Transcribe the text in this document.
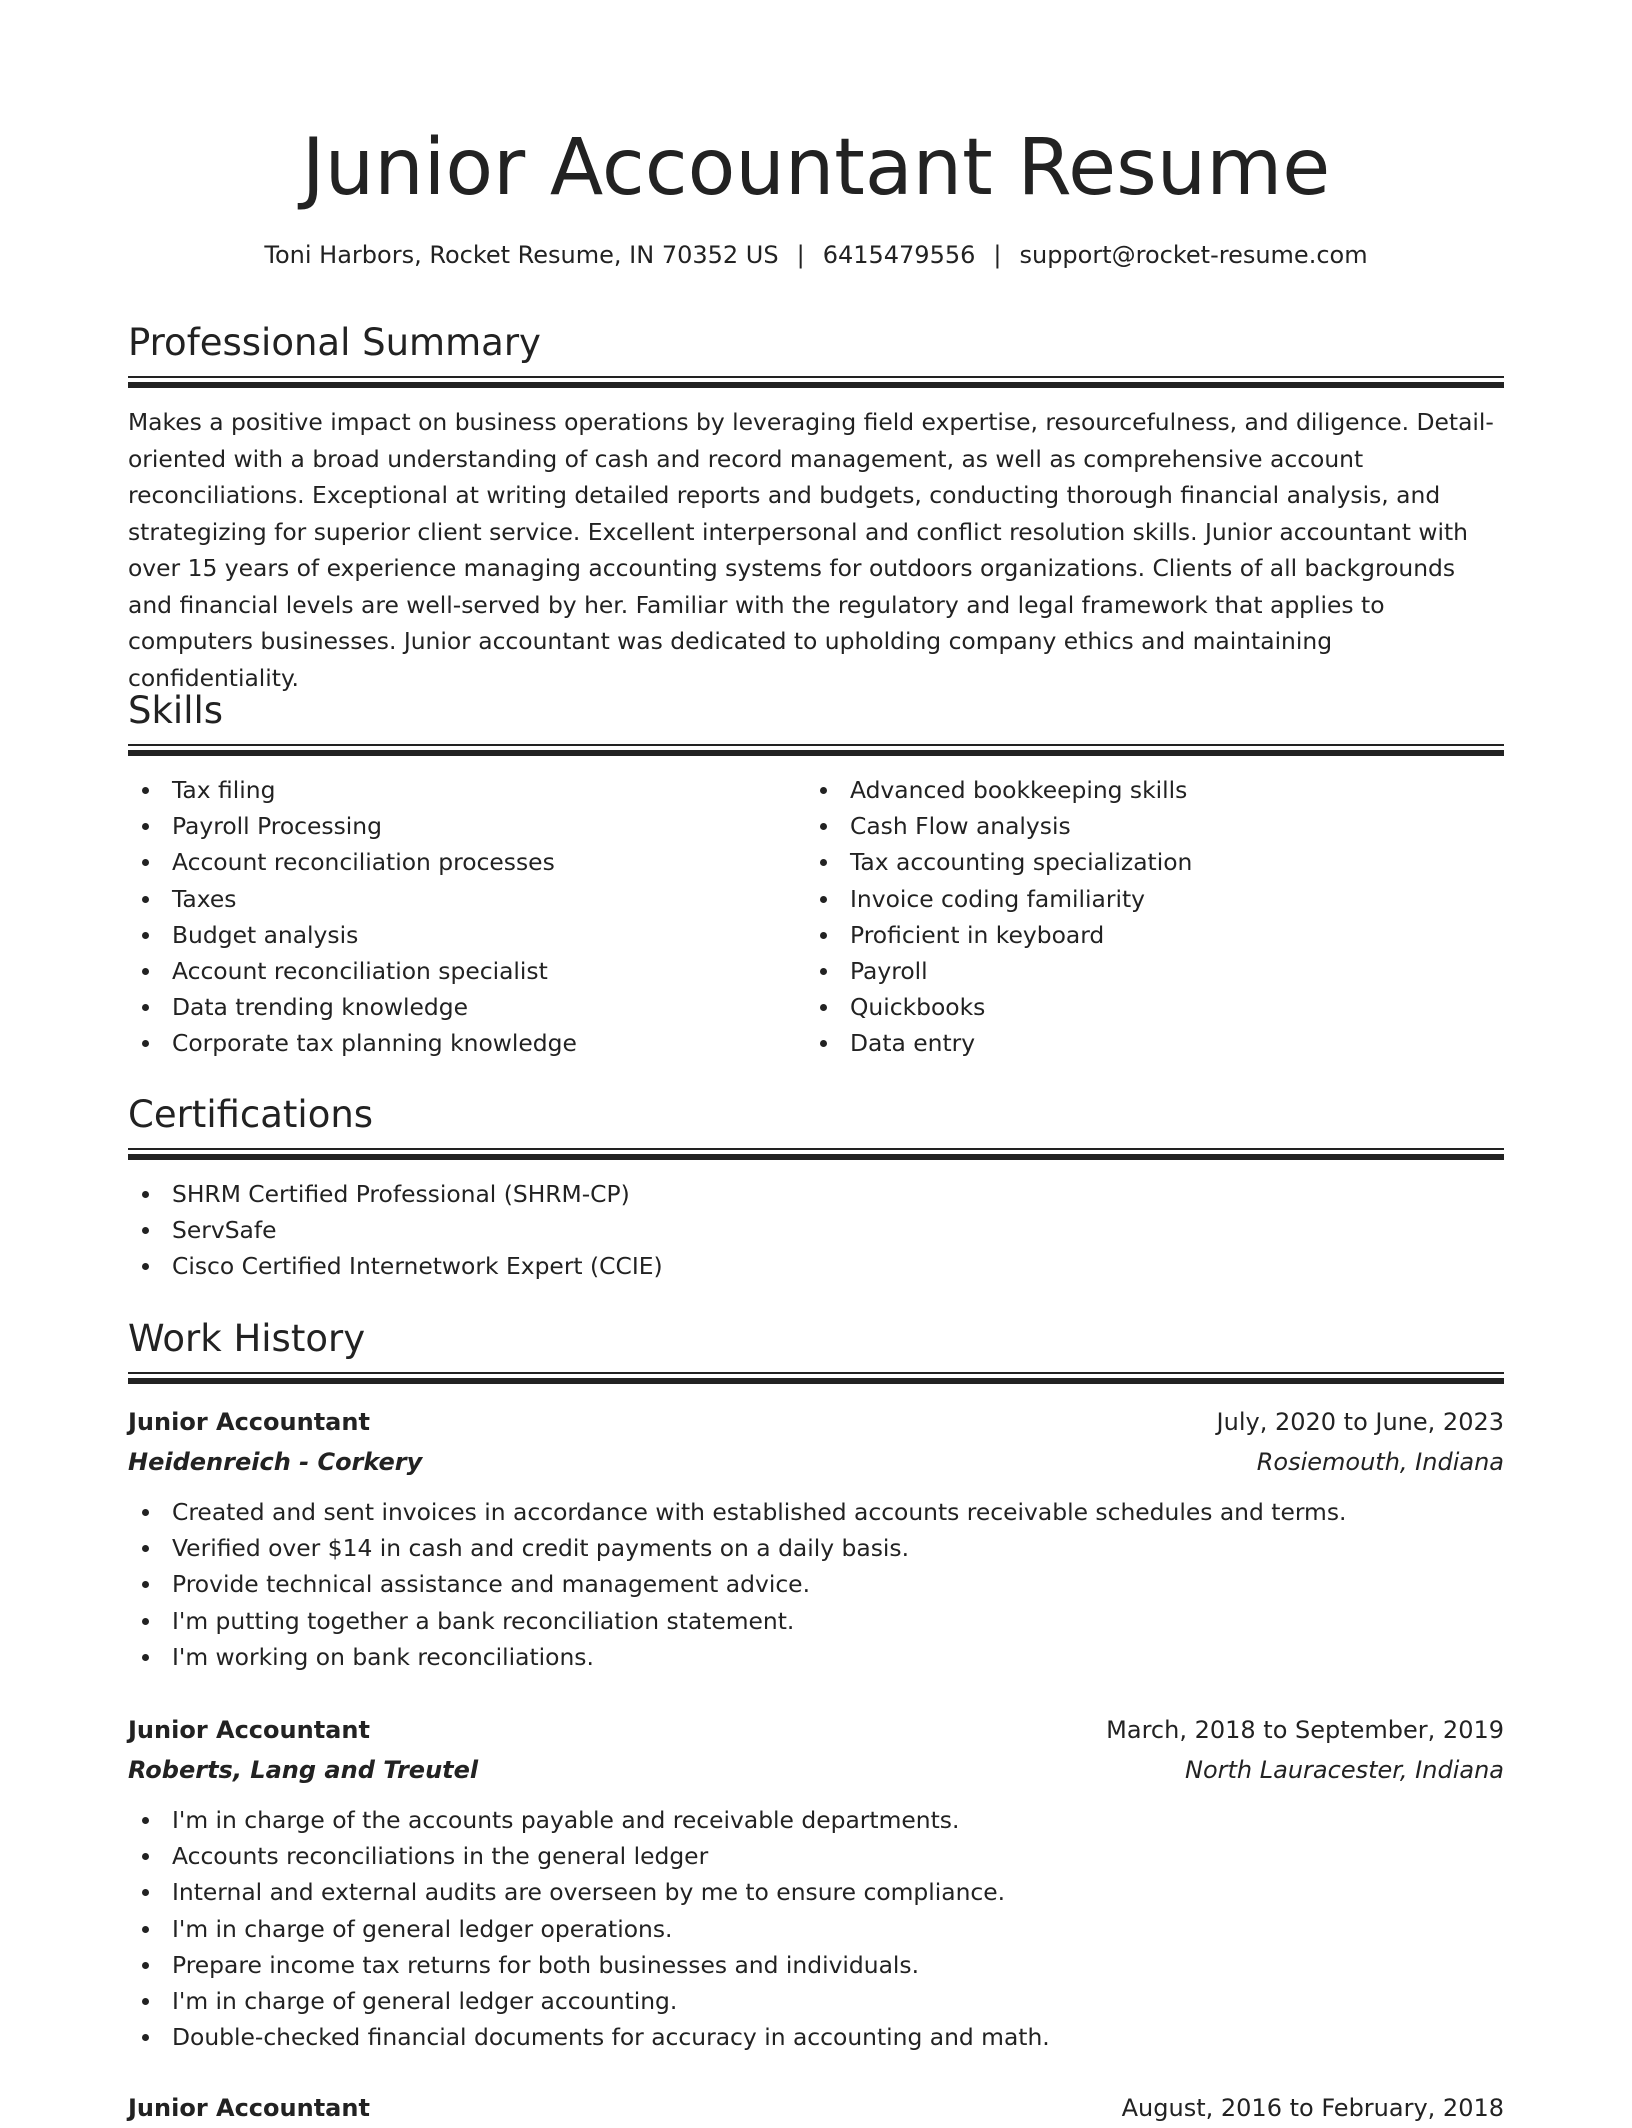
Junior Accountant Resume
Toni Harbors, Rocket Resume, IN 70352 US | 6415479556 | support@rocket-resume.com
Professional Summary
Makes a positive impact on business operations by leveraging field expertise, resourcefulness, and diligence. Detail-oriented with a broad understanding of cash and record management, as well as comprehensive account reconciliations. Exceptional at writing detailed reports and budgets, conducting thorough financial analysis, and strategizing for superior client service. Excellent interpersonal and conflict resolution skills. Junior accountant with over 15 years of experience managing accounting systems for outdoors organizations. Clients of all backgrounds and financial levels are well-served by her. Familiar with the regulatory and legal framework that applies to computers businesses. Junior accountant was dedicated to upholding company ethics and maintaining confidentiality.
Skills
Tax filing
Payroll Processing
Account reconciliation processes
Taxes
Budget analysis
Account reconciliation specialist
Data trending knowledge
Corporate tax planning knowledge
Advanced bookkeeping skills
Cash Flow analysis
Tax accounting specialization
Invoice coding familiarity
Proficient in keyboard
Payroll
Quickbooks
Data entry
Certifications
SHRM Certified Professional (SHRM-CP)
ServSafe
Cisco Certified Internetwork Expert (CCIE)
Work History
Junior Accountant	July, 2020 to June, 2023
Heidenreich - Corkery	Rosiemouth, Indiana
Created and sent invoices in accordance with established accounts receivable schedules and terms.
Verified over $14 in cash and credit payments on a daily basis.
Provide technical assistance and management advice.
I'm putting together a bank reconciliation statement.
I'm working on bank reconciliations.
Junior Accountant	March, 2018 to September, 2019
Roberts, Lang and Treutel	North Lauracester, Indiana
I'm in charge of the accounts payable and receivable departments.
Accounts reconciliations in the general ledger
Internal and external audits are overseen by me to ensure compliance.
I'm in charge of general ledger operations.
Prepare income tax returns for both businesses and individuals.
I'm in charge of general ledger accounting.
Double-checked financial documents for accuracy in accounting and math.
Junior Accountant	August, 2016 to February, 2018
